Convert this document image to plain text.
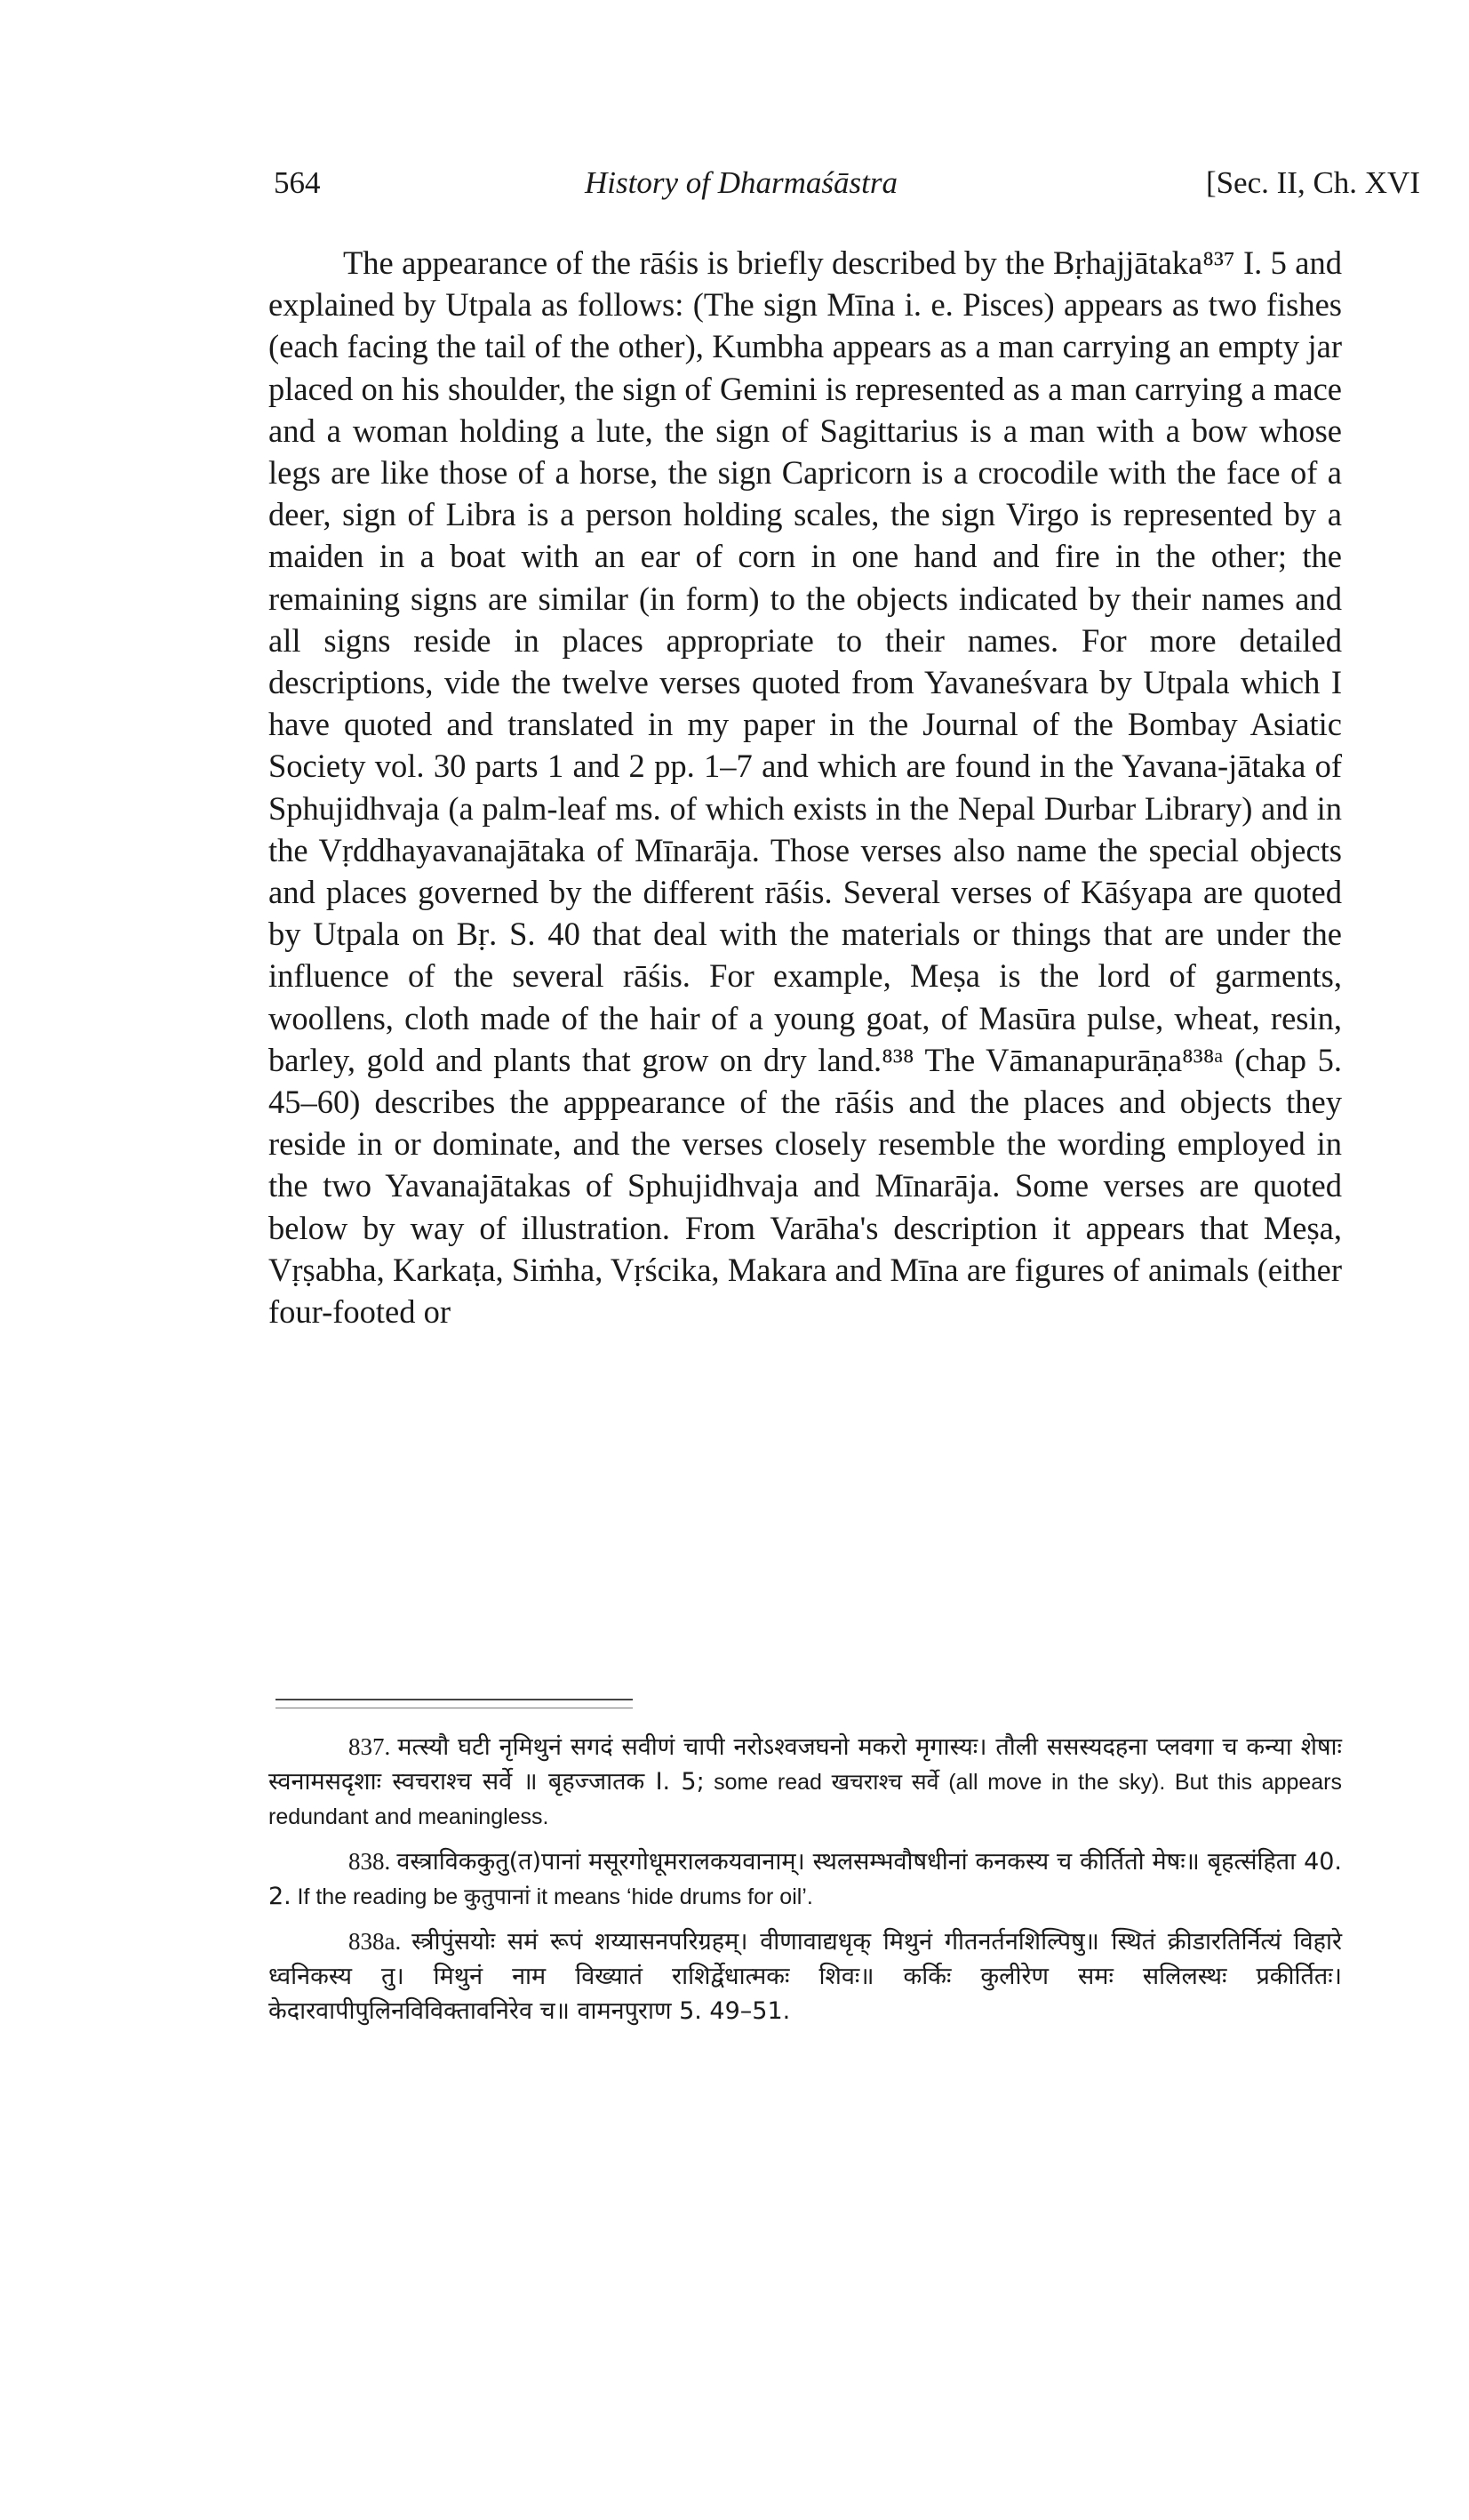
564	History of Dharmaśāstra	[Sec. II, Ch. XVI

The appearance of the rāśis is briefly described by the Bṛhajjātaka⁸³⁷ I. 5 and explained by Utpala as follows: (The sign Mīna i. e. Pisces) appears as two fishes (each facing the tail of the other), Kumbha appears as a man carrying an empty jar placed on his shoulder, the sign of Gemini is represented as a man carrying a mace and a woman holding a lute, the sign of Sagittarius is a man with a bow whose legs are like those of a horse, the sign Capricorn is a crocodile with the face of a deer, sign of Libra is a person holding scales, the sign Virgo is represented by a maiden in a boat with an ear of corn in one hand and fire in the other; the remaining signs are similar (in form) to the objects indicated by their names and all signs reside in places appropriate to their names. For more detailed descriptions, vide the twelve verses quoted from Yavaneśvara by Utpala which I have quoted and translated in my paper in the Journal of the Bombay Asiatic Society vol. 30 parts 1 and 2 pp. 1–7 and which are found in the Yavana-jātaka of Sphujidhvaja (a palm-leaf ms. of which exists in the Nepal Durbar Library) and in the Vṛddhayavanajātaka of Mīnarāja. Those verses also name the special objects and places governed by the different rāśis. Several verses of Kāśyapa are quoted by Utpala on Bṛ. S. 40 that deal with the materials or things that are under the influence of the several rāśis. For example, Meṣa is the lord of garments, woollens, cloth made of the hair of a young goat, of Masūra pulse, wheat, resin, barley, gold and plants that grow on dry land.⁸³⁸ The Vāmanapurāṇa⁸³⁸ᵃ (chap 5. 45–60) describes the apppearance of the rāśis and the places and objects they reside in or dominate, and the verses closely resemble the wording employed in the two Yavanajātakas of Sphujidhvaja and Mīnarāja. Some verses are quoted below by way of illustration. From Varāha's description it appears that Meṣa, Vṛṣabha, Karkaṭa, Siṁha, Vṛścika, Makara and Mīna are figures of animals (either four-footed or

837. मत्स्यौ घटी नृमिथुनं सगदं सवीणं चापी नरोऽश्वजघनो मकरो मृगास्यः। तौली ससस्यदहना प्लवगा च कन्या शेषाः स्वनामसदृशाः स्वचराश्च सर्वे ॥ बृहज्जातक I. 5; some read खचराश्च सर्वे (all move in the sky). But this appears redundant and meaningless.

838. वस्त्राविककुतु(त)पानां मसूरगोधूमरालकयवानाम्। स्थलसम्भवौषधीनां कनकस्य च कीर्तितो मेषः॥ बृहत्संहिता 40. 2. If the reading be कुतुपानां it means ‘hide drums for oil’.

838a. स्त्रीपुंसयोः समं रूपं शय्यासनपरिग्रहम्। वीणावाद्यधृक् मिथुनं गीतनर्तनशिल्पिषु॥ स्थितं क्रीडारतिर्नित्यं विहारे ध्वनिकस्य तु। मिथुनं नाम विख्यातं राशिर्द्वेधात्मकः शिवः॥ कर्किः कुलीरेण समः सलिलस्थः प्रकीर्तितः। केदारवापीपुलिनविविक्तावनिरेव च॥ वामनपुराण 5. 49–51.
